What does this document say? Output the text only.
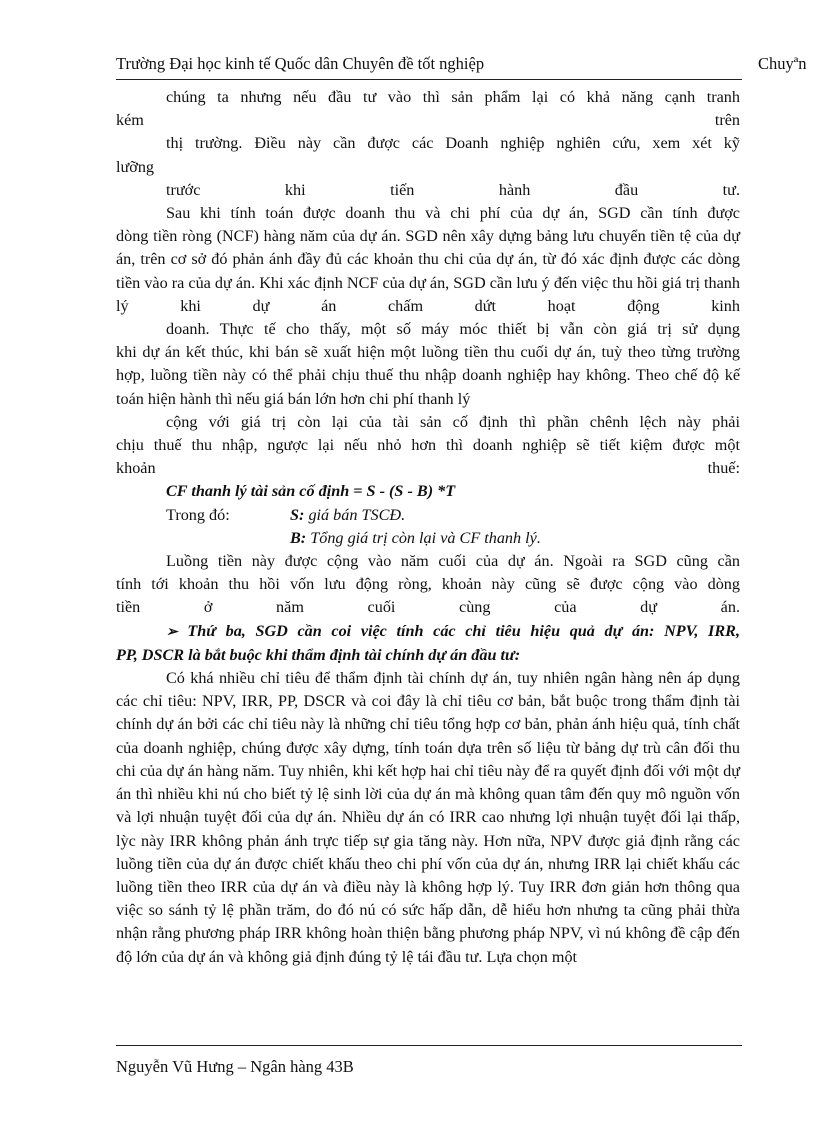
Trường Đại học kinh tế Quốc dân Chuyên đề tốt nghiệp	Chuyªn

chúng ta nhưng nếu đầu tư vào thì sản phẩm lại có khả năng cạnh tranh

kém trên

thị trường. Điều này cần được các Doanh nghiệp nghiên cứu, xem xét kỹ

lưỡng

trước khi tiến hành đầu tư.

Sau khi tính toán được doanh thu và chi phí của dự án, SGD cần tính được

dòng tiền ròng (NCF) hàng năm của dự án. SGD nên xây dựng bảng lưu chuyển tiền tệ của dự án, trên cơ sở đó phản ánh đầy đủ các khoản thu chi của dự án, từ đó xác định được các dòng tiền vào ra của dự án. Khi xác định NCF của dự án, SGD cần lưu ý đến việc thu hồi giá trị thanh lý khi dự án chấm dứt hoạt động kinh

doanh. Thực tế cho thấy, một số máy móc thiết bị vẫn còn giá trị sử dụng

khi dự án kết thúc, khi bán sẽ xuất hiện một luồng tiền thu cuối dự án, tuỳ theo từng trường hợp, luồng tiền này có thể phải chịu thuế thu nhập doanh nghiệp hay không. Theo chế độ kế toán hiện hành thì nếu giá bán lớn hơn chi phí thanh lý

cộng với giá trị còn lại của tài sản cố định thì phần chênh lệch này phải

chịu thuế thu nhập, ngược lại nếu nhỏ hơn thì doanh nghiệp sẽ tiết kiệm được một

khoản thuế:

CF thanh lý tài sản cố định = S - (S - B) *T

Trong đó:	S: giá bán TSCĐ.

B: Tổng giá trị còn lại và CF thanh lý.

Luồng tiền này được cộng vào năm cuối của dự án. Ngoài ra SGD cũng cần

tính tới khoản thu hồi vốn lưu động ròng, khoản này cũng sẽ được cộng vào dòng

tiền ở năm cuối cùng của dự án.

➢ Thứ ba, SGD cần coi việc tính các chỉ tiêu hiệu quả dự án: NPV, IRR,

PP, DSCR là bắt buộc khi thẩm định tài chính dự án đầu tư:

Có khá nhiều chỉ tiêu để thẩm định tài chính dự án, tuy nhiên ngân hàng nên áp dụng các chỉ tiêu: NPV, IRR, PP, DSCR và coi đây là chỉ tiêu cơ bản, bắt buộc trong thẩm định tài chính dự án bởi các chỉ tiêu này là những chỉ tiêu tổng hợp cơ bản, phản ánh hiệu quả, tính chất của doanh nghiệp, chúng được xây dựng, tính toán dựa trên số liệu từ bảng dự trù cân đối thu chi của dự án hàng năm. Tuy nhiên, khi kết hợp hai chỉ tiêu này để ra quyết định đối với một dự án thì nhiều khi nú cho biết tỷ lệ sinh lời của dự án mà không quan tâm đến quy mô nguồn vốn và lợi nhuận tuyệt đối của dự án. Nhiều dự án có IRR cao nhưng lợi nhuận tuyệt đối lại thấp, lỳc này IRR không phản ánh trực tiếp sự gia tăng này. Hơn nữa, NPV được giả định rằng các luồng tiền của dự án được chiết khấu theo chi phí vốn của dự án, nhưng IRR lại chiết khấu các luồng tiền theo IRR của dự án và điều này là không hợp lý. Tuy IRR đơn giản hơn thông qua việc so sánh tỷ lệ phần trăm, do đó nú có sức hấp dẫn, dễ hiểu hơn nhưng ta cũng phải thừa nhận rằng phương pháp IRR không hoàn thiện bằng phương pháp NPV, vì nú không đề cập đến độ lớn của dự án và không giả định đúng tỷ lệ tái đầu tư. Lựa chọn một

Nguyễn Vũ Hưng – Ngân hàng 43B
